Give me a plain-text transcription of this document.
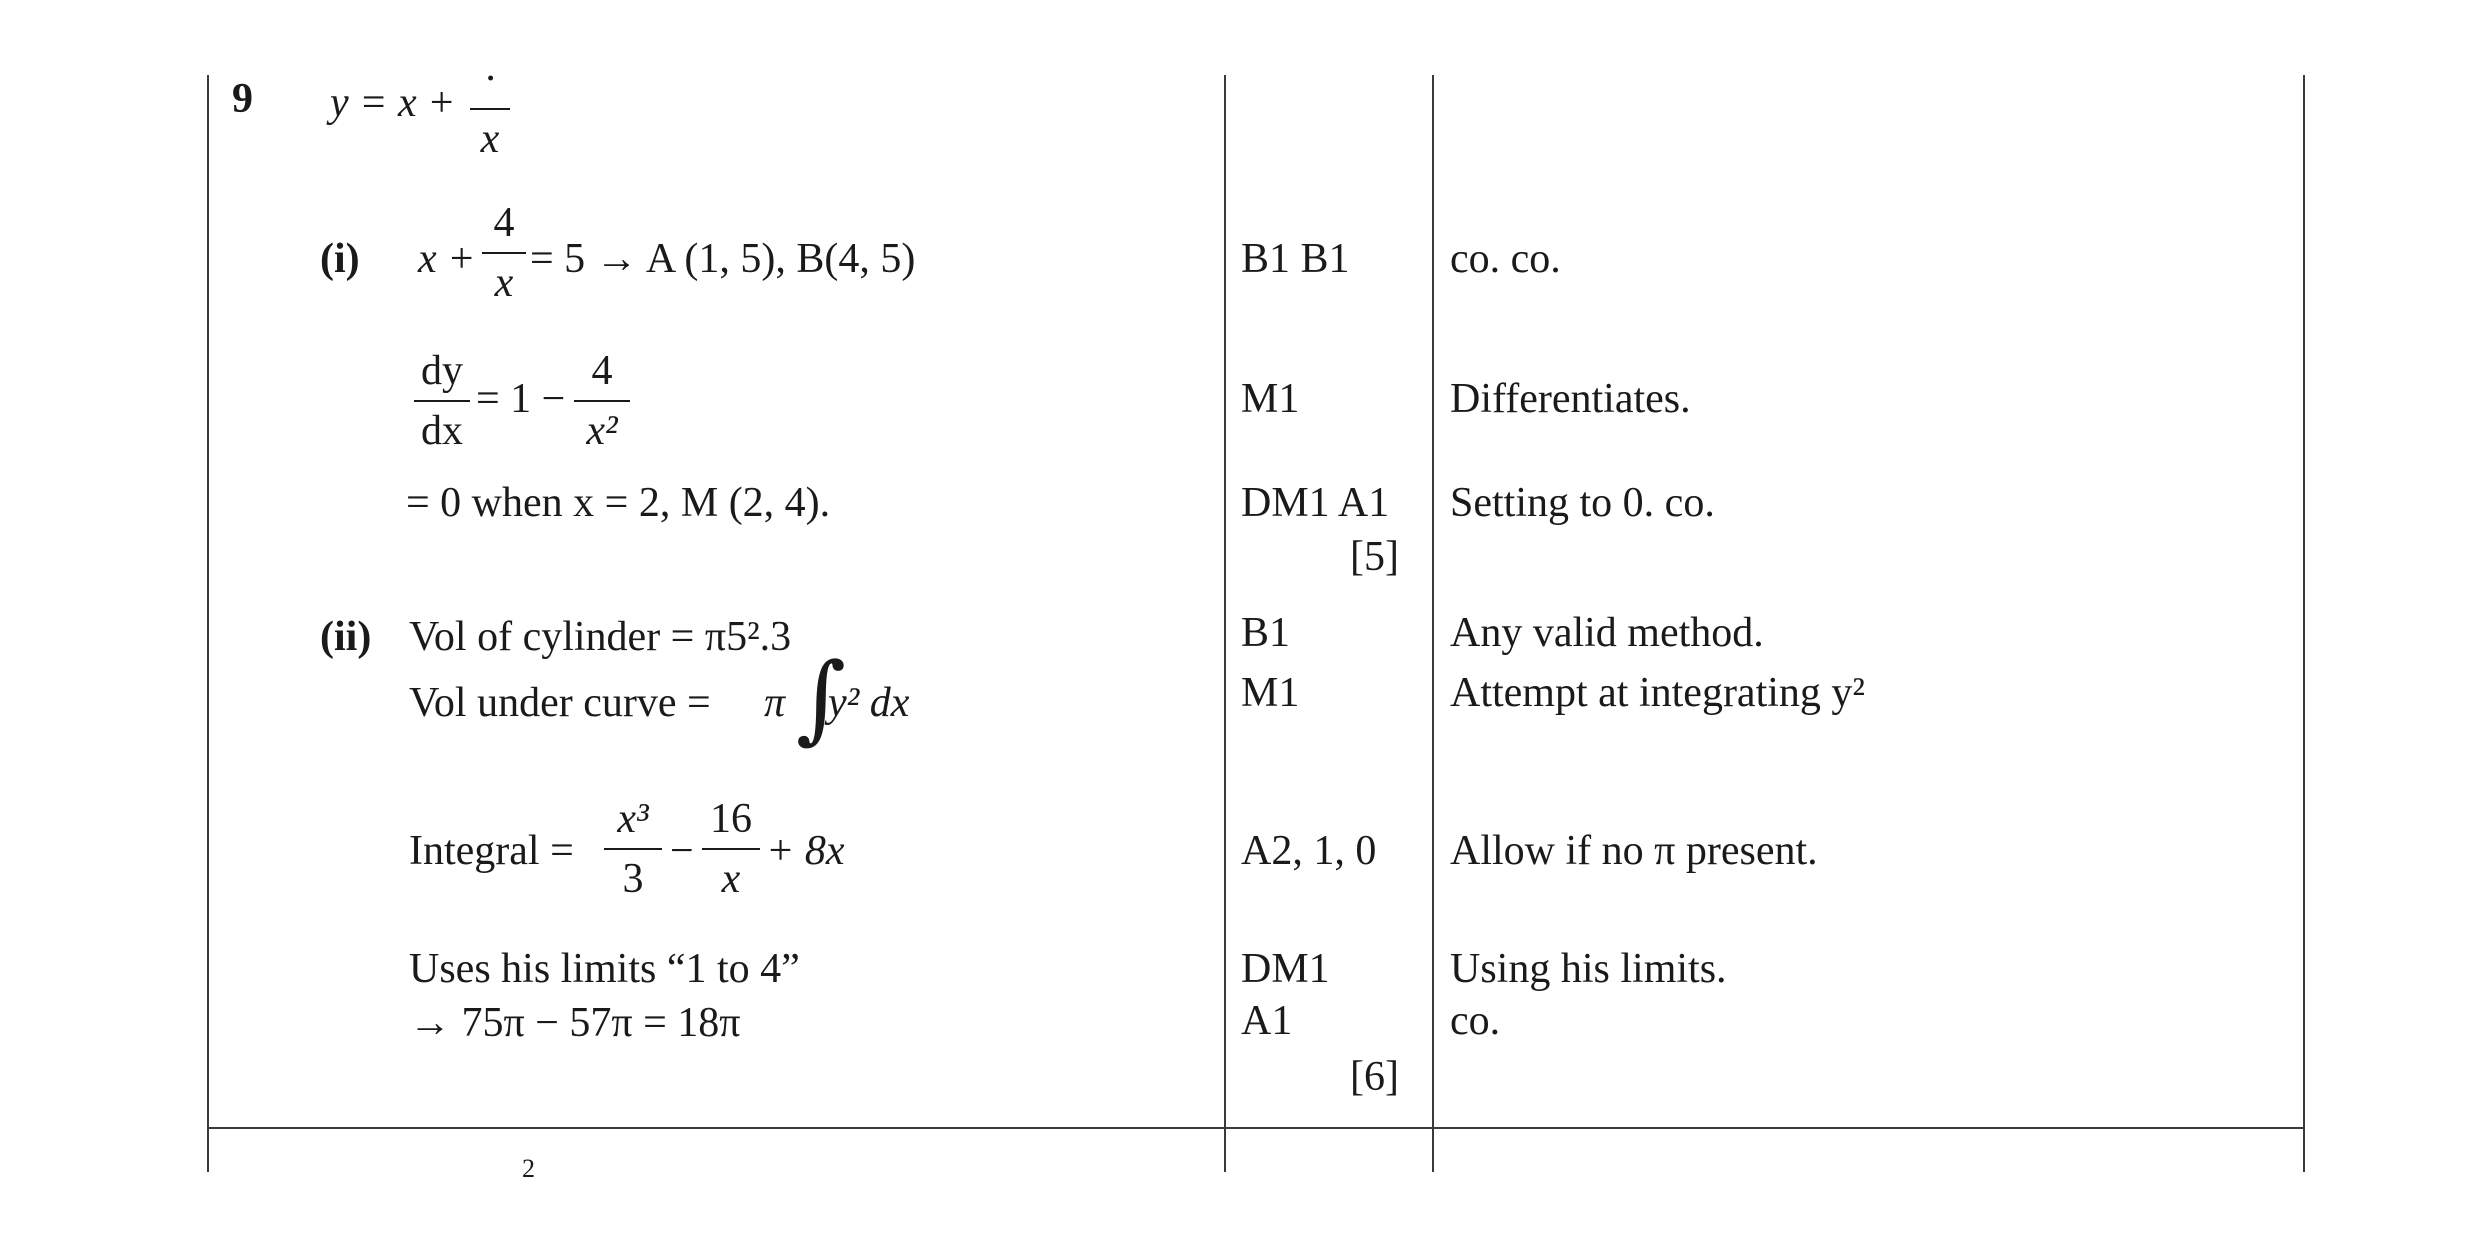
9 y = x +
·
x
(i) x +
4
x
= 5 → A (1, 5), B(4, 5)
dy
dx
= 1 −
4
x²
= 0 when x = 2, M (2, 4).
B1 B1
M1
DM1 A1
[5]
co. co.
Differentiates.
Setting to 0. co.
(ii) Vol of cylinder = π5².3
Vol under curve = π ∫
y² dx
Integral =
x³
3
−
16
x
+ 8x
Uses his limits “1 to 4”
→ 75π − 57π = 18π
B1
M1
A2, 1, 0
DM1
A1
[6]
Any valid method.
Attempt at integrating y²
Allow if no π present.
Using his limits.
co.
2
